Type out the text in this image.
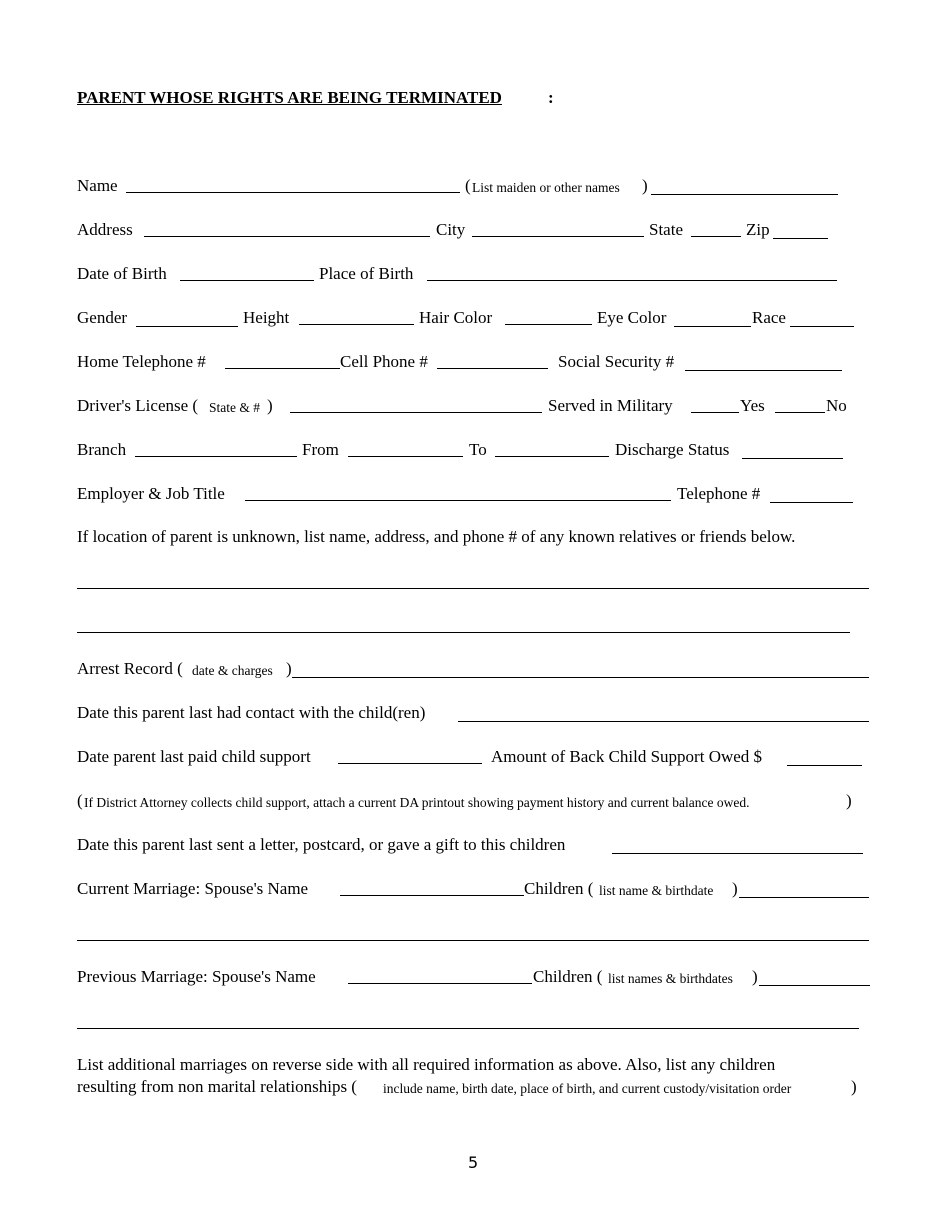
PARENT WHOSE RIGHTS ARE BEING TERMINATED	:
Name	( List maiden or other names )
Address	City	State	Zip
Date of Birth	Place of Birth
Gender	Height	Hair Color	Eye Color	Race
Home Telephone #	Cell Phone #	Social Security #
Driver's License ( State & # )	Served in Military	Yes	No
Branch	From	To	Discharge Status
Employer & Job Title	Telephone #
If location of parent is unknown, list name, address, and phone # of any known relatives or friends below.
Arrest Record ( date & charges )
Date this parent last had contact with the child(ren)
Date parent last paid child support	Amount of Back Child Support Owed $
( If District Attorney collects child support, attach a current DA printout showing payment history and current balance owed.	)
Date this parent last sent a letter, postcard, or gave a gift to this children
Current Marriage: Spouse's Name	Children ( list name & birthdate )
Previous Marriage: Spouse's Name	Children ( list names & birthdates )
List additional marriages on reverse side with all required information as above. Also, list any children
resulting from non marital relationships ( include name, birth date, place of birth, and current custody/visitation order	)
5
